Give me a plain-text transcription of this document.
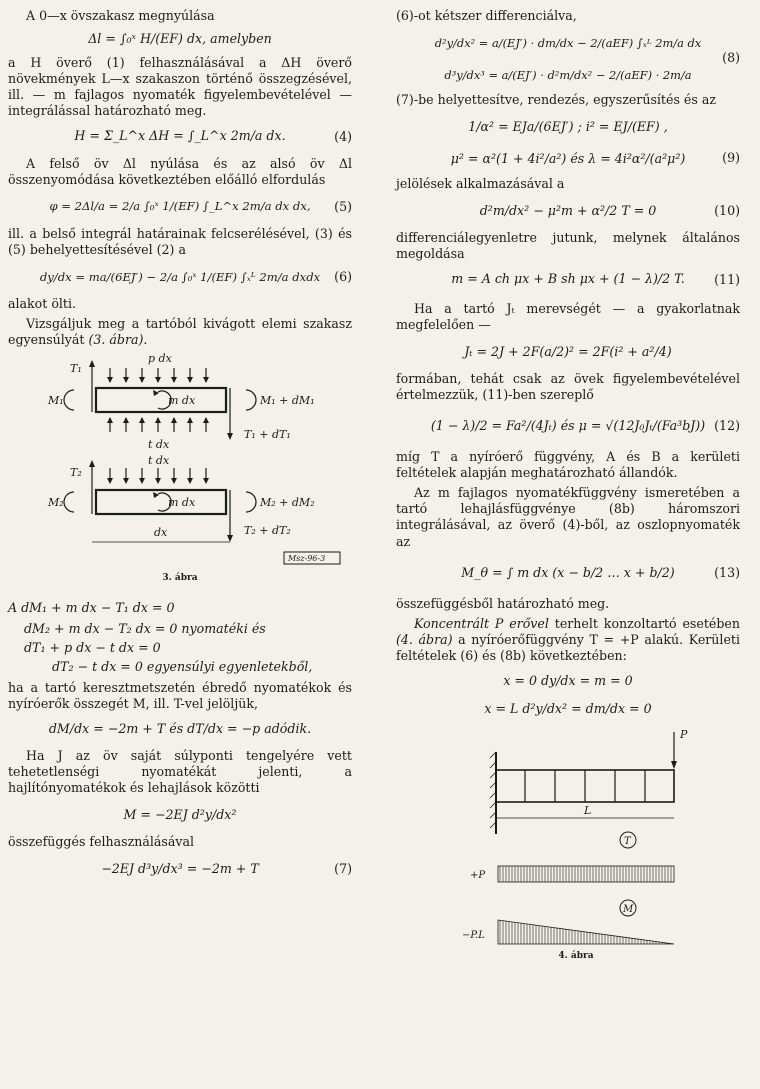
A 0—x övszakasz megnyúlása

Δl = ∫₀ˣ H/(EF) dx, amelyben

a H överő (1) felhasználásával a ΔH överő növekmények L—x szakaszon történő összegzésével, ill. — m fajlagos nyomaték figyelembevételével — integrálással határozható meg.

H = Σ_L^x ΔH = ∫_L^x 2m/a dx.	(4)

A felső öv Δl nyúlása és az alsó öv Δl összenyomódása következtében előálló elfordulás

φ = 2Δl/a = 2/a ∫₀ˣ 1/(EF) ∫_L^x 2m/a dx dx, (5)

ill. a belső integrál határainak felcserélésével, (3) és (5) behelyettesítésével (2) a

dy/dx = ma/(6EJ′) − 2/a ∫₀ˣ 1/(EF) ∫ₓᴸ 2m/a dxdx (6)

alakot ölti.

Vizsgáljuk meg a tartóból kivágott elemi szakasz egyensúlyát (3. ábra).

p dx
T₁
M₁	m dx	M₁ + dM₁
t dx
T₁ + dT₁
t dx
T₂
M₂	m dx	M₂ + dM₂
T₂ + dT₂
dx
Msz-96-3
3. ábra

A dM₁ + m dx − T₁ dx = 0

dM₂ + m dx − T₂ dx = 0 nyomatéki és
dT₁ + p dx − t dx = 0
dT₂ − t dx = 0 egyensúlyi egyenletekből,

ha a tartó keresztmetszetén ébredő nyomatékok és nyíróerők összegét M, ill. T-vel jelöljük,

dM/dx = −2m + T és dT/dx = −p adódik.

Ha J az öv saját súlyponti tengelyére vett tehetetlenségi nyomatékát jelenti, a hajlítónyomatékok és lehajlások közötti

M = −2EJ d²y/dx²

összefüggés felhasználásával

−2EJ d³y/dx³ = −2m + T	(7)

(6)-ot kétszer differenciálva,

d²y/dx² = a/(EJ′) · dm/dx − 2/(aEF) ∫ₓᴸ 2m/a dx
d³y/dx³ = a/(EJ′) · d²m/dx² − 2/(aEF) · 2m/a
(8)

(7)-be helyettesítve, rendezés, egyszerűsítés és az

1/α² = EJa/(6EJ′) ; i² = EJ/(EF) ,
μ² = α²(1 + 4i²/a²) és λ = 4i²α²/(a²μ²)	(9)

jelölések alkalmazásával a

d²m/dx² − μ²m + α²/2 T = 0	(10)

differenciálegyenletre jutunk, melynek általános megoldása

m = A ch μx + B sh μx + (1 − λ)/2 T. (11)

Ha a tartó Jₜ merevségét — a gyakorlatnak megfelelően —

Jₜ = 2J + 2F(a/2)² = 2F(i² + a²/4)

formában, tehát csak az övek figyelembevételével értelmezzük, (11)-ben szereplő

(1 − λ)/2 = Fa²/(4Jₜ) és μ = √(12J₀Jₜ/(Fa³bJ)) (12)

míg T a nyíróerő függvény, A és B a kerületi feltételek alapján meghatározható állandók.

Az m fajlagos nyomatékfüggvény ismeretében a tartó lehajlásfüggvénye (8b) háromszori integrálásával, az överő (4)-ből, az oszlopnyomaték az

M_θ = ∫ m dx (x − b/2 … x + b/2)	(13)

összefüggésből határozható meg.

Koncentrált P erővel terhelt konzoltartó esetében (4. ábra) a nyíróerőfüggvény T = +P alakú. Kerületi feltételek (6) és (8b) következtében:

x = 0 dy/dx = m = 0
x = L d²y/dx² = dm/dx = 0
P
L
T
+P
M
−P.L
4. ábra
